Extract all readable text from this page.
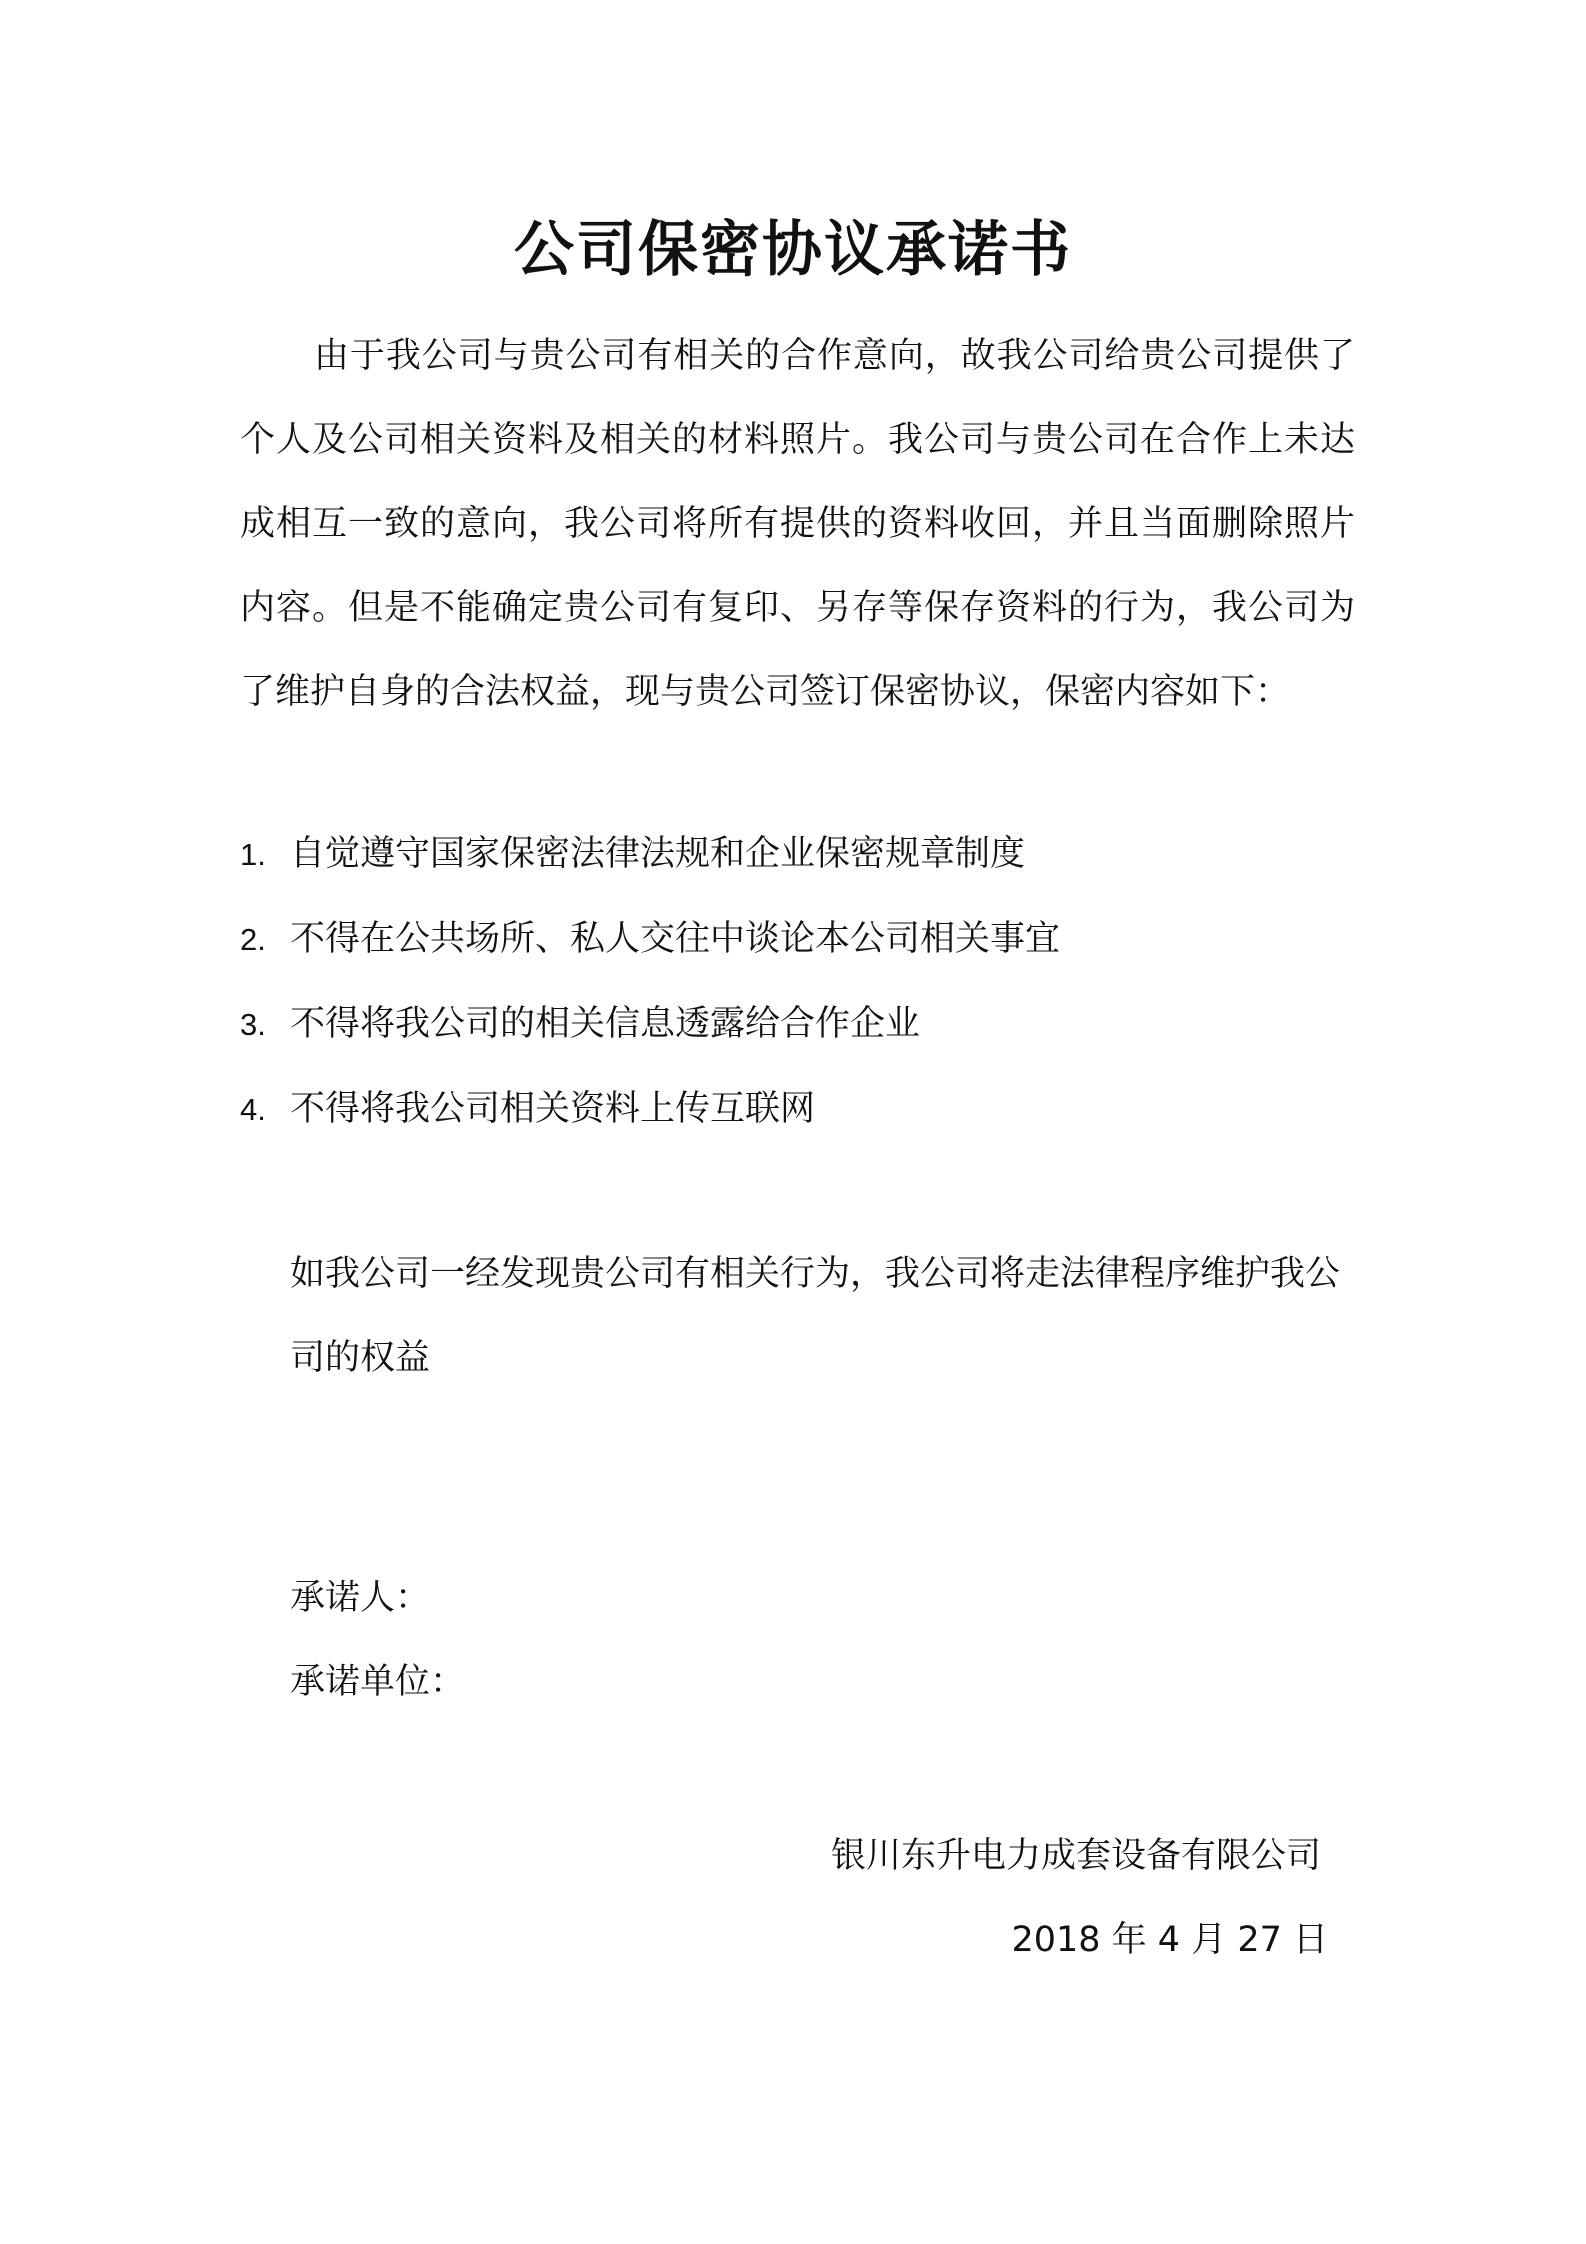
公司保密协议承诺书

由于我公司与贵公司有相关的合作意向，故我公司给贵公司提供了个人及公司相关资料及相关的材料照片。我公司与贵公司在合作上未达成相互一致的意向，我公司将所有提供的资料收回，并且当面删除照片内容。但是不能确定贵公司有复印、另存等保存资料的行为，我公司为了维护自身的合法权益，现与贵公司签订保密协议，保密内容如下：

1. 自觉遵守国家保密法律法规和企业保密规章制度
2. 不得在公共场所、私人交往中谈论本公司相关事宜
3. 不得将我公司的相关信息透露给合作企业
4. 不得将我公司相关资料上传互联网

如我公司一经发现贵公司有相关行为，我公司将走法律程序维护我公司的权益

承诺人：
承诺单位：
银川东升电力成套设备有限公司
2018 年 4 月 27 日
